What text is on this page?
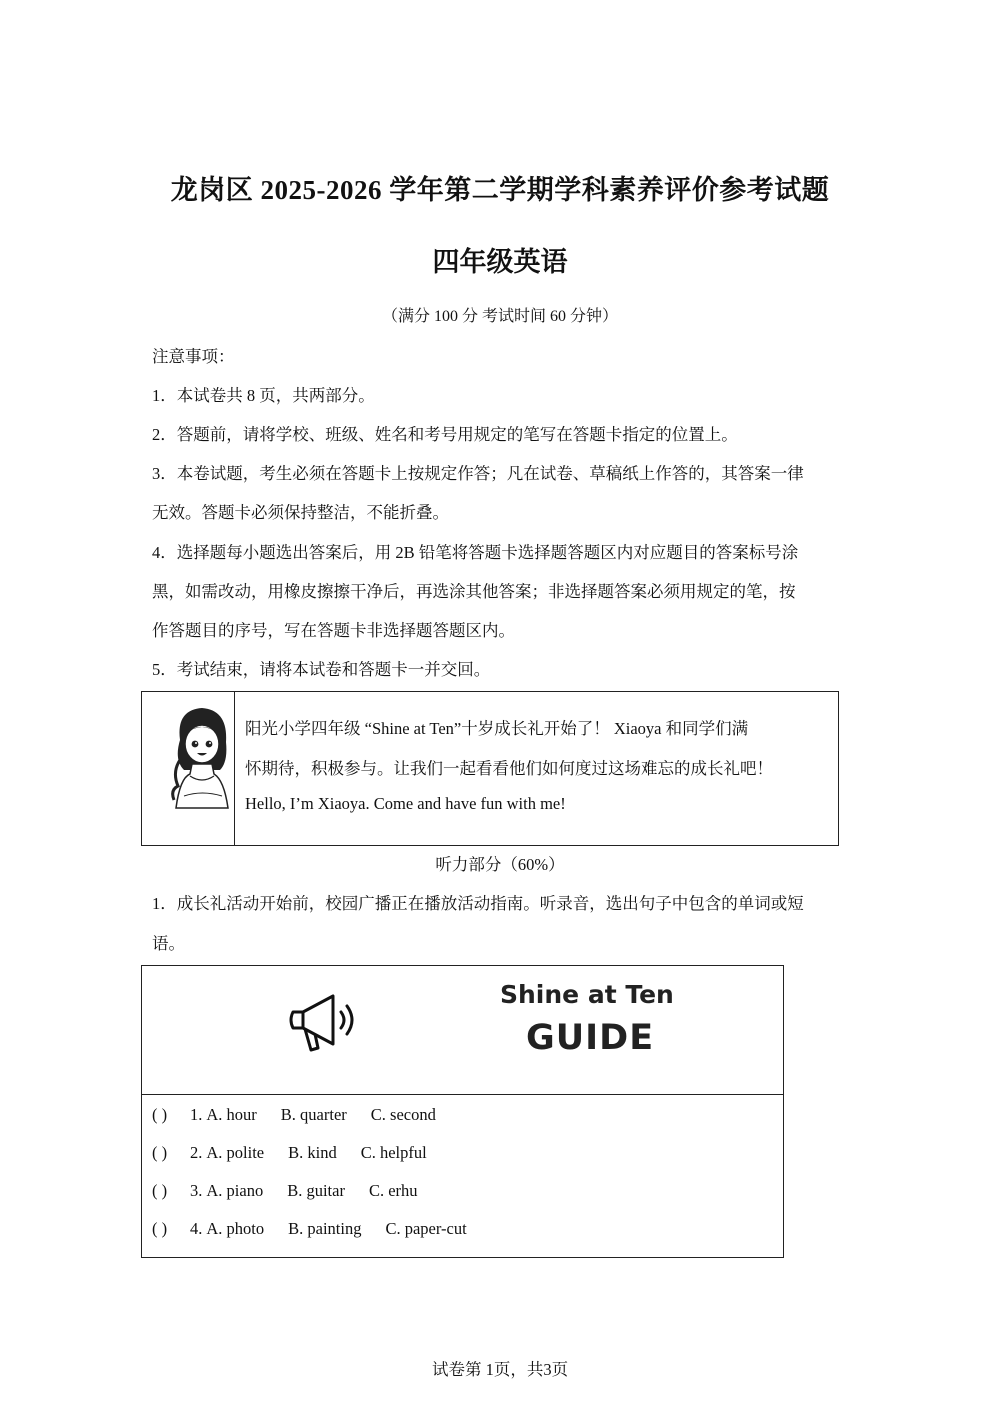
龙岗区 2025-2026 学年第二学期学科素养评价参考试题
四年级英语
（满分 100 分 考试时间 60 分钟）
注意事项：
1．本试卷共 8 页，共两部分。
2．答题前，请将学校、班级、姓名和考号用规定的笔写在答题卡指定的位置上。
3．本卷试题，考生必须在答题卡上按规定作答；凡在试卷、草稿纸上作答的，其答案一律
无效。答题卡必须保持整洁，不能折叠。
4．选择题每小题选出答案后，用 2B 铅笔将答题卡选择题答题区内对应题目的答案标号涂
黑，如需改动，用橡皮擦擦干净后，再选涂其他答案；非选择题答案必须用规定的笔，按
作答题目的序号，写在答题卡非选择题答题区内。
5．考试结束，请将本试卷和答题卡一并交回。
阳光小学四年级 “Shine at Ten”十岁成长礼开始了！ Xiaoya 和同学们满
怀期待，积极参与。让我们一起看看他们如何度过这场难忘的成长礼吧！
Hello, I’m Xiaoya. Come and have fun with me!
听力部分（60%）
1．成长礼活动开始前，校园广播正在播放活动指南。听录音，选出句子中包含的单词或短
语。
Shine at Ten
GUIDE
( ) 1. A. hour B. quarter C. second
( ) 2. A. polite B. kind C. helpful
( ) 3. A. piano B. guitar C. erhu
( ) 4. A. photo B. painting C. paper-cut
试卷第 1页，共3页
